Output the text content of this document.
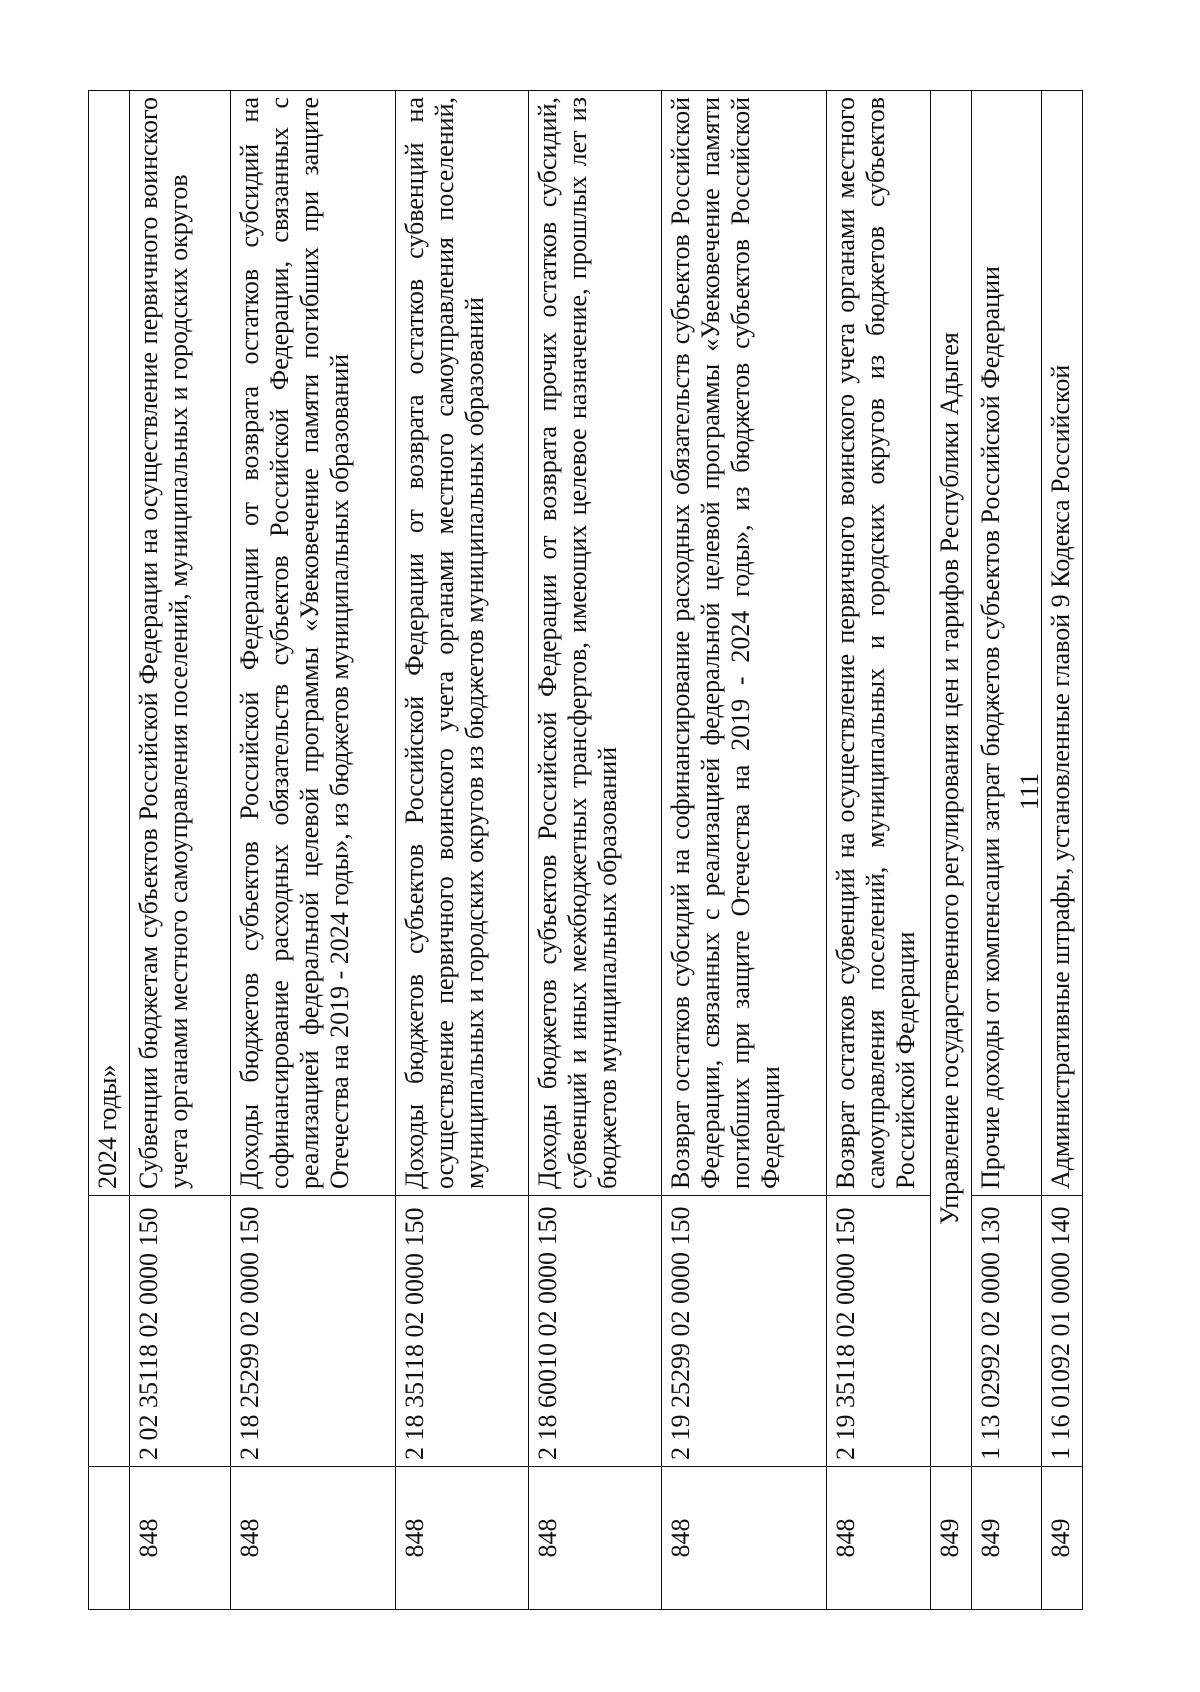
		2024 годы»
848	2 02 35118 02 0000 150	Субвенции бюджетам субъектов Российской Федерации на осуществление первичного воинского учета органами местного самоуправления поселений, муниципальных и городских округов
848	2 18 25299 02 0000 150	Доходы бюджетов субъектов Российской Федерации от возврата остатков субсидий на софинансирование расходных обязательств субъектов Российской Федерации, связанных с реализацией федеральной целевой программы «Увековечение памяти погибших при защите Отечества на 2019 - 2024 годы», из бюджетов муниципальных образований
848	2 18 35118 02 0000 150	Доходы бюджетов субъектов Российской Федерации от возврата остатков субвенций на осуществление первичного воинского учета органами местного самоуправления поселений, муниципальных и городских округов из бюджетов муниципальных образований
848	2 18 60010 02 0000 150	Доходы бюджетов субъектов Российской Федерации от возврата прочих остатков субсидий, субвенций и иных межбюджетных трансфертов, имеющих целевое назначение, прошлых лет из бюджетов муниципальных образований
848	2 19 25299 02 0000 150	Возврат остатков субсидий на софинансирование расходных обязательств субъектов Российской Федерации, связанных с реализацией федеральной целевой программы «Увековечение памяти погибших при защите Отечества на 2019 - 2024 годы», из бюджетов субъектов Российской Федерации
848	2 19 35118 02 0000 150	Возврат остатков субвенций на осуществление первичного воинского учета органами местного самоуправления поселений, муниципальных и городских округов из бюджетов субъектов Российской Федерации
849	Управление государственного регулирования цен и тарифов Республики Адыгея	
849	1 13 02992 02 0000 130	Прочие доходы от компенсации затрат бюджетов субъектов Российской Федерации
849	1 16 01092 01 0000 140	Административные штрафы, установленные главой 9 Кодекса Российской
111
